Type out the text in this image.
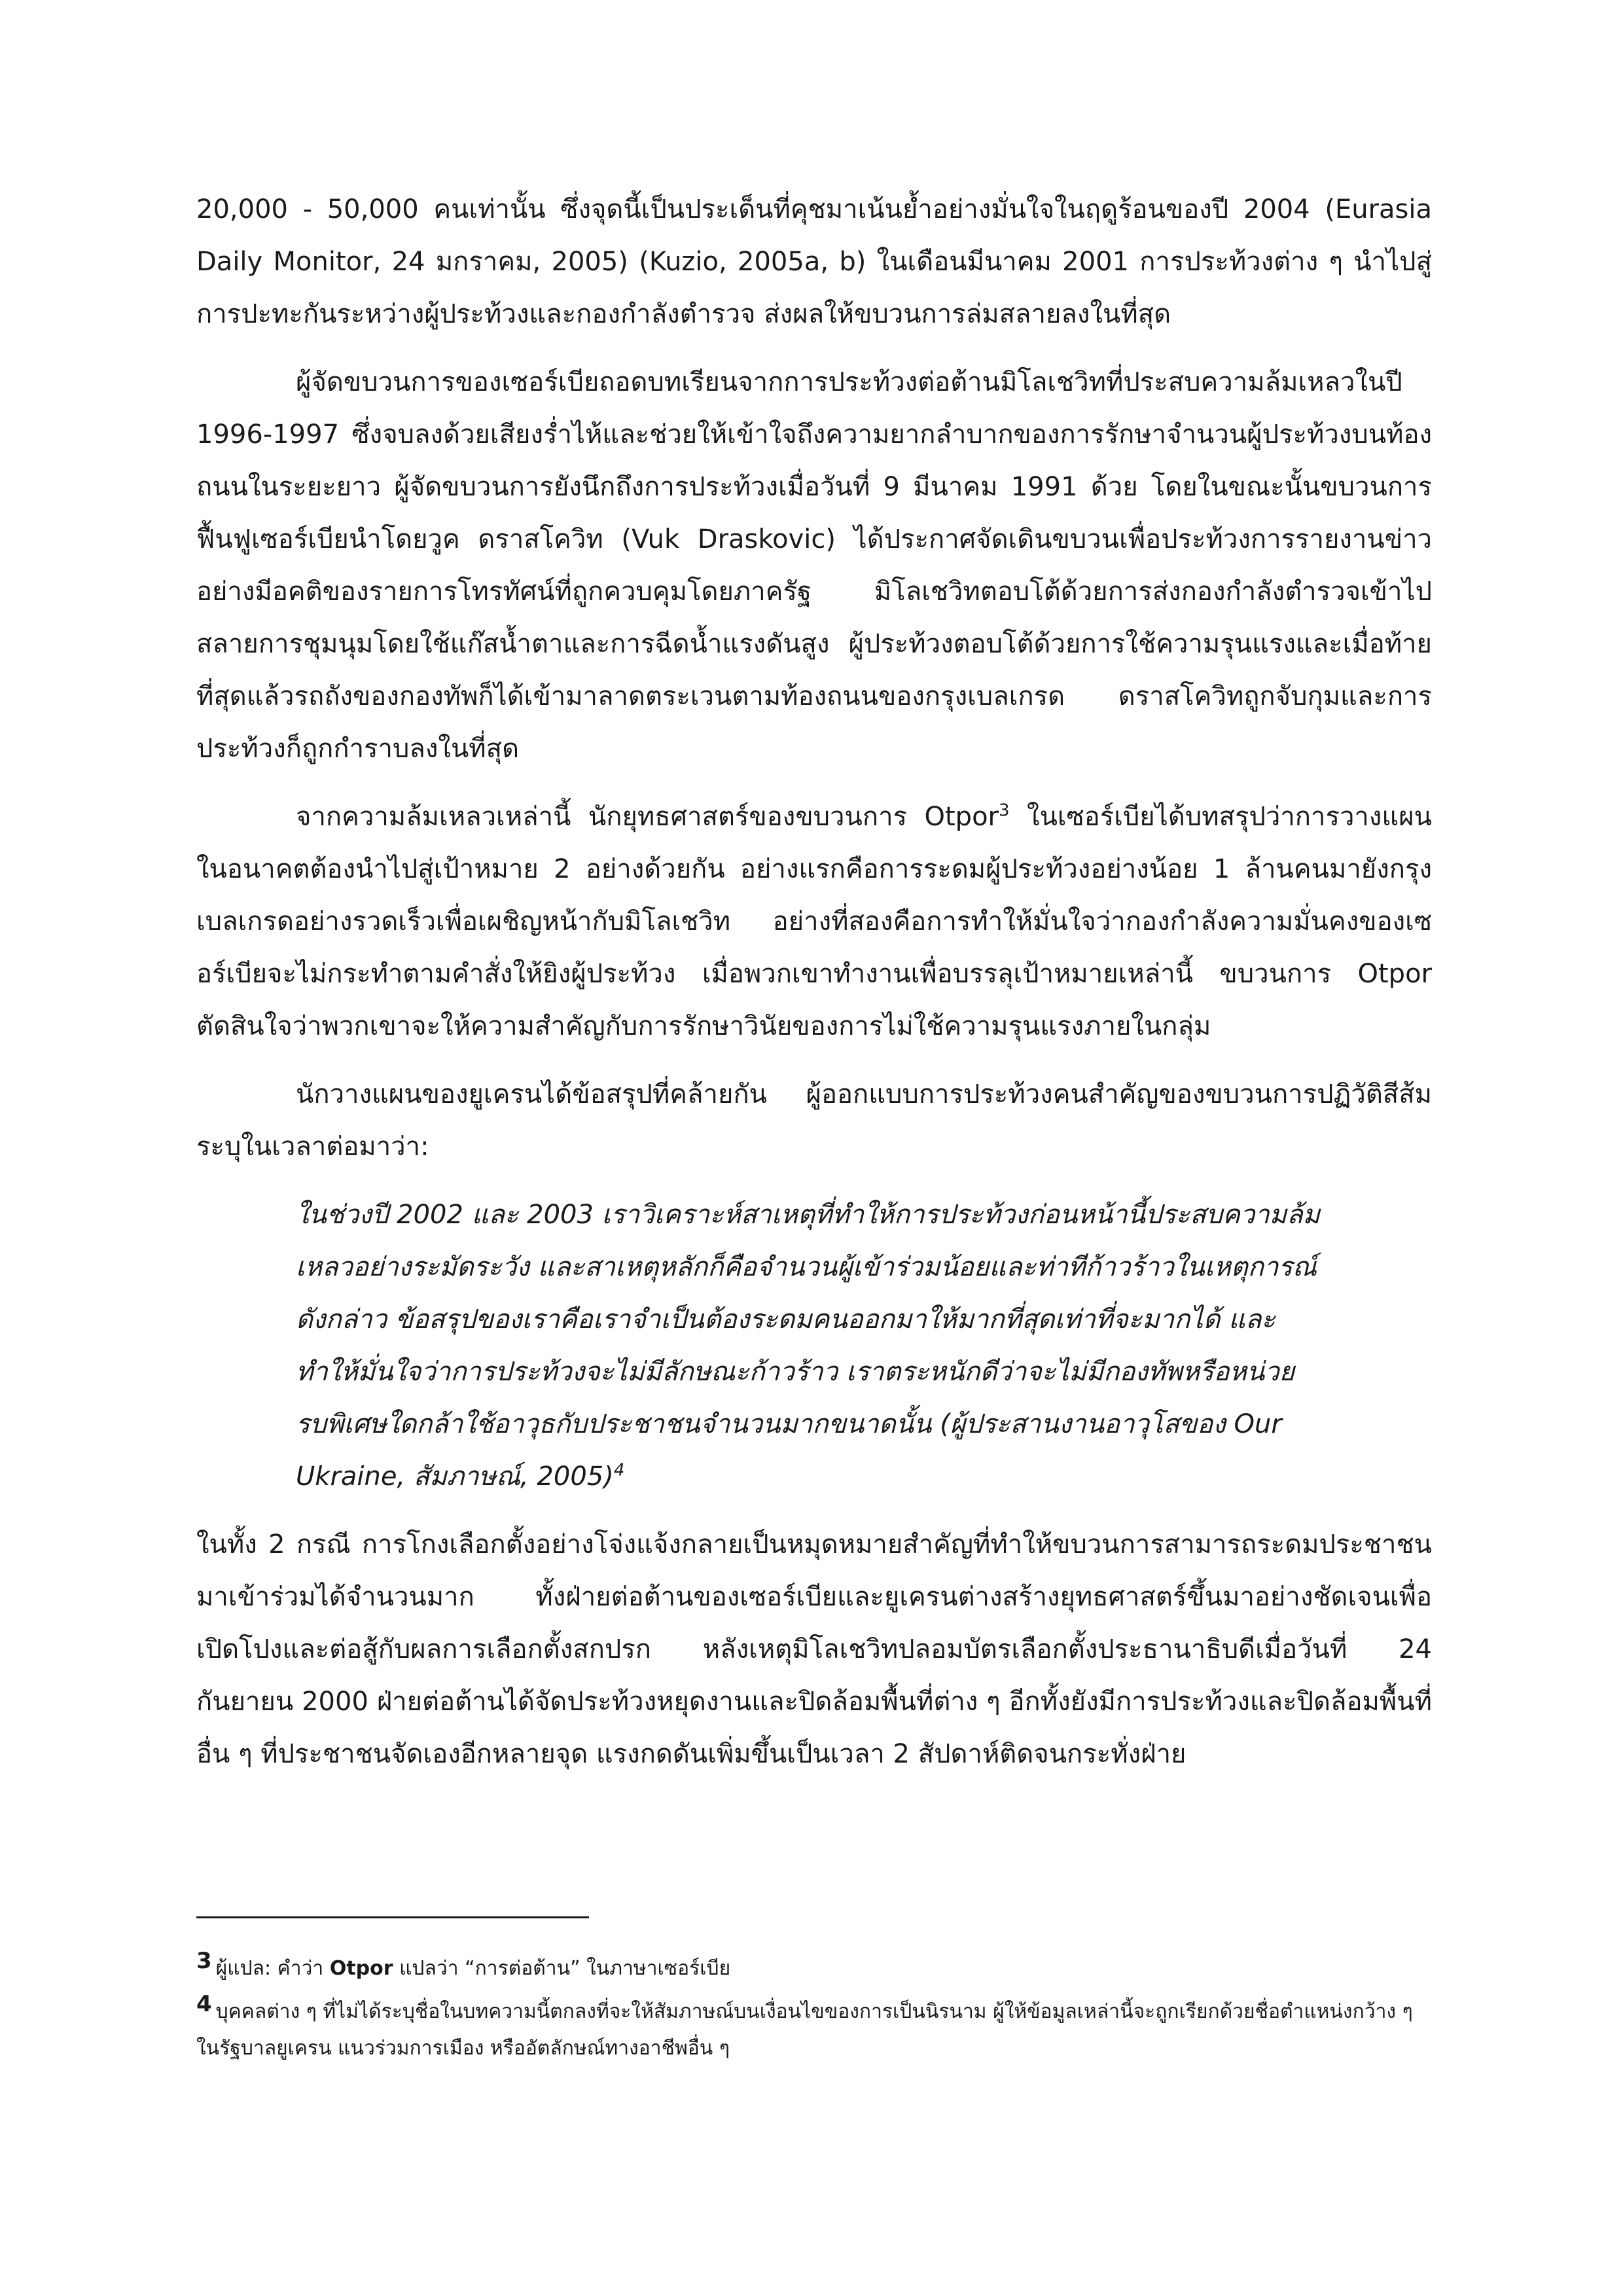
20,000 - 50,000 คนเท่านั้น ซึ่งจุดนี้เป็นประเด็นที่คุชมาเน้นย้ำอย่างมั่นใจในฤดูร้อนของปี 2004 (Eurasia Daily Monitor, 24 มกราคม, 2005) (Kuzio, 2005a, b) ในเดือนมีนาคม 2001 การประท้วงต่าง ๆ นำไปสู่การปะทะกันระหว่างผู้ประท้วงและกองกำลังตำรวจ ส่งผลให้ขบวนการล่มสลายลงในที่สุด

ผู้จัดขบวนการของเซอร์เบียถอดบทเรียนจากการประท้วงต่อต้านมิโลเชวิทที่ประสบความล้มเหลวในปี 1996-1997 ซึ่งจบลงด้วยเสียงร่ำไห้และช่วยให้เข้าใจถึงความยากลำบากของการรักษาจำนวนผู้ประท้วงบนท้องถนนในระยะยาว ผู้จัดขบวนการยังนึกถึงการประท้วงเมื่อวันที่ 9 มีนาคม 1991 ด้วย โดยในขณะนั้นขบวนการฟื้นฟูเซอร์เบียนำโดยวูค ดราสโควิท (Vuk Draskovic) ได้ประกาศจัดเดินขบวนเพื่อประท้วงการรายงานข่าวอย่างมีอคติของรายการโทรทัศน์ที่ถูกควบคุมโดยภาครัฐ มิโลเชวิทตอบโต้ด้วยการส่งกองกำลังตำรวจเข้าไปสลายการชุมนุมโดยใช้แก๊สน้ำตาและการฉีดน้ำแรงดันสูง ผู้ประท้วงตอบโต้ด้วยการใช้ความรุนแรงและเมื่อท้ายที่สุดแล้วรถถังของกองทัพก็ได้เข้ามาลาดตระเวนตามท้องถนนของกรุงเบลเกรด ดราสโควิทถูกจับกุมและการประท้วงก็ถูกกำราบลงในที่สุด

จากความล้มเหลวเหล่านี้ นักยุทธศาสตร์ของขบวนการ Otpor$^3$ ในเซอร์เบียได้บทสรุปว่าการวางแผนในอนาคตต้องนำไปสู่เป้าหมาย 2 อย่างด้วยกัน อย่างแรกคือการระดมผู้ประท้วงอย่างน้อย 1 ล้านคนมายังกรุงเบลเกรดอย่างรวดเร็วเพื่อเผชิญหน้ากับมิโลเชวิท อย่างที่สองคือการทำให้มั่นใจว่ากองกำลังความมั่นคงของเซอร์เบียจะไม่กระทำตามคำสั่งให้ยิงผู้ประท้วง เมื่อพวกเขาทำงานเพื่อบรรลุเป้าหมายเหล่านี้ ขบวนการ Otpor ตัดสินใจว่าพวกเขาจะให้ความสำคัญกับการรักษาวินัยของการไม่ใช้ความรุนแรงภายในกลุ่ม

นักวางแผนของยูเครนได้ข้อสรุปที่คล้ายกัน ผู้ออกแบบการประท้วงคนสำคัญของขบวนการปฏิวัติสีส้มระบุในเวลาต่อมาว่า:

ในช่วงปี 2002 และ 2003 เราวิเคราะห์สาเหตุที่ทำให้การประท้วงก่อนหน้านี้ประสบความล้มเหลวอย่างระมัดระวัง และสาเหตุหลักก็คือจำนวนผู้เข้าร่วมน้อยและท่าทีก้าวร้าวในเหตุการณ์ดังกล่าว ข้อสรุปของเราคือเราจำเป็นต้องระดมคนออกมาให้มากที่สุดเท่าที่จะมากได้ และทำให้มั่นใจว่าการประท้วงจะไม่มีลักษณะก้าวร้าว เราตระหนักดีว่าจะไม่มีกองทัพหรือหน่วยรบพิเศษใดกล้าใช้อาวุธกับประชาชนจำนวนมากขนาดนั้น (ผู้ประสานงานอาวุโสของ Our Ukraine, สัมภาษณ์, 2005)$^4$

ในทั้ง 2 กรณี การโกงเลือกตั้งอย่างโจ่งแจ้งกลายเป็นหมุดหมายสำคัญที่ทำให้ขบวนการสามารถระดมประชาชนมาเข้าร่วมได้จำนวนมาก ทั้งฝ่ายต่อต้านของเซอร์เบียและยูเครนต่างสร้างยุทธศาสตร์ขึ้นมาอย่างชัดเจนเพื่อเปิดโปงและต่อสู้กับผลการเลือกตั้งสกปรก หลังเหตุมิโลเชวิทปลอมบัตรเลือกตั้งประธานาธิบดีเมื่อวันที่ 24 กันยายน 2000 ฝ่ายต่อต้านได้จัดประท้วงหยุดงานและปิดล้อมพื้นที่ต่าง ๆ อีกทั้งยังมีการประท้วงและปิดล้อมพื้นที่อื่น ๆ ที่ประชาชนจัดเองอีกหลายจุด แรงกดดันเพิ่มขึ้นเป็นเวลา 2 สัปดาห์ติดจนกระทั่งฝ่าย

$^3$ ผู้แปล: คำว่า Otpor แปลว่า “การต่อต้าน” ในภาษาเซอร์เบีย

$^4$ บุคคลต่าง ๆ ที่ไม่ได้ระบุชื่อในบทความนี้ตกลงที่จะให้สัมภาษณ์บนเงื่อนไขของการเป็นนิรนาม ผู้ให้ข้อมูลเหล่านี้จะถูกเรียกด้วยชื่อตำแหน่งกว้าง ๆ ในรัฐบาลยูเครน แนวร่วมการเมือง หรืออัตลักษณ์ทางอาชีพอื่น ๆ
